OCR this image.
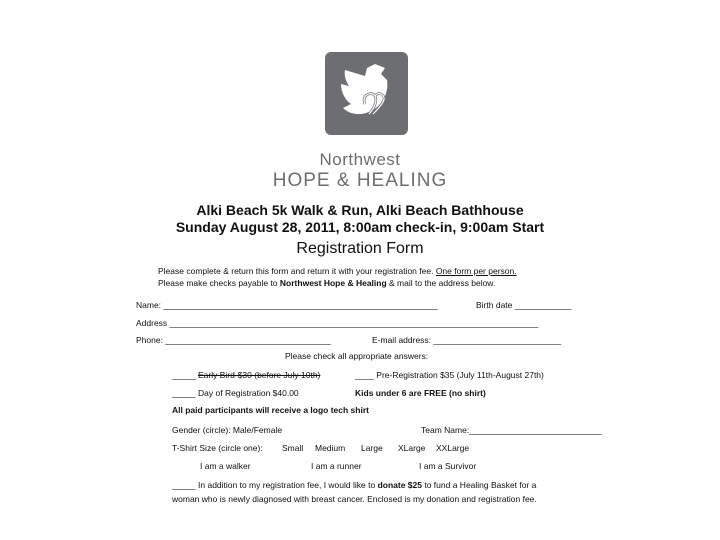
Northwest
HOPE & HEALING
Alki Beach 5k Walk & Run, Alki Beach Bathhouse
Sunday August 28, 2011, 8:00am check-in, 9:00am Start
Registration Form
Please complete & return this form and return it with your registration fee. One form per person.
Please make checks payable to Northwest Hope & Healing & mail to the address below.
Name: __________________________________________________________	Birth date ____________
Address ______________________________________________________________________________
Phone: ___________________________________	E-mail address: ___________________________
Please check all appropriate answers:
_____ Early Bird-$30 (before July 10th)	____ Pre-Registration $35 (July 11th-August 27th)
_____ Day of Registration $40.00	Kids under 6 are FREE (no shirt)
All paid participants will receive a logo tech shirt
Gender (circle): Male/Female	Team Name:____________________________
T-Shirt Size (circle one): Small Medium Large XLarge XXLarge
I am a walker	I am a runner	I am a Survivor
_____ In addition to my registration fee, I would like to donate $25 to fund a Healing Basket for a
woman who is newly diagnosed with breast cancer. Enclosed is my donation and registration fee.
